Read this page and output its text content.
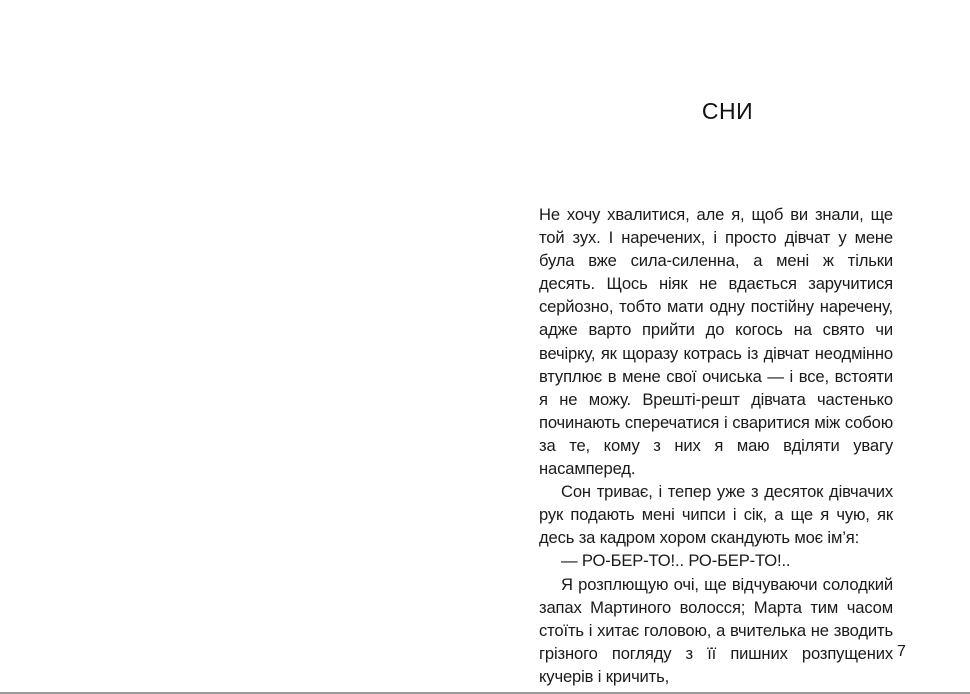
СНИ

Не хочу хвалитися, але я, щоб ви знали, ще той зух. І наречених, і просто дівчат у мене була вже сила-силенна, а мені ж тільки десять. Щось ніяк не вдається заручитися серйозно, тобто мати одну постійну наречену, адже варто прийти до когось на свято чи вечірку, як щоразу котрась із дівчат неодмінно втуплює в мене свої очиська — і все, встояти я не можу. Врешті-решт дівчата частенько починають сперечатися і сваритися між собою за те, кому з них я маю вділяти увагу насамперед.

Сон триває, і тепер уже з десяток дівчачих рук подають мені чипси і сік, а ще я чую, як десь за кадром хором скандують моє ім’я:

— РО-БЕР-ТО!.. РО-БЕР-ТО!..

Я розплющую очі, ще відчуваючи солодкий запах Мартиного волосся; Марта тим часом стоїть і хитає головою, а вчителька не зводить грізного погляду з її пишних розпущених кучерів і кричить,

7
